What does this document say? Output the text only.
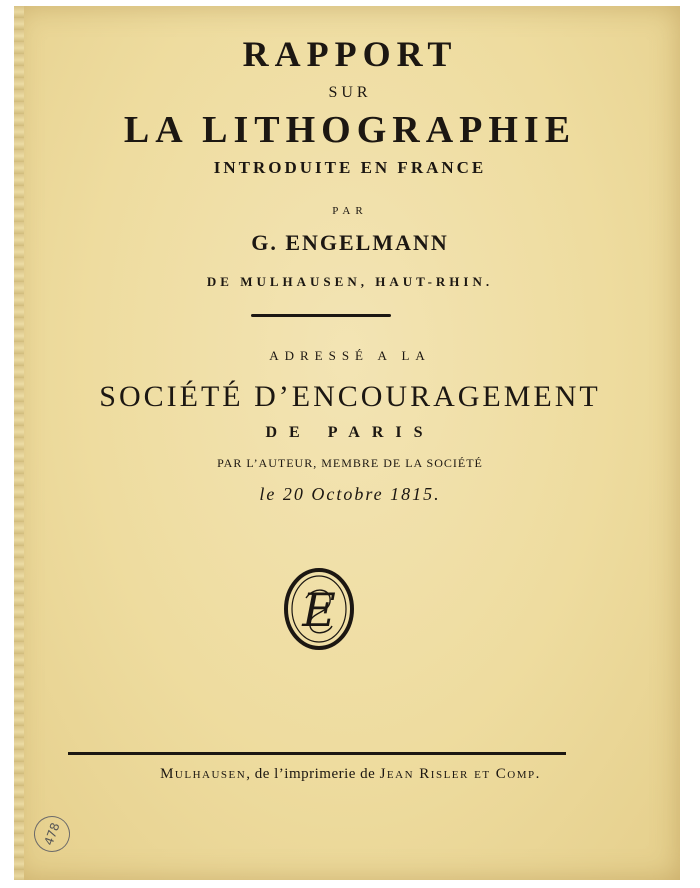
RAPPORT
SUR
LA LITHOGRAPHIE
INTRODUITE EN FRANCE
PAR
G. ENGELMANN
DE MULHAUSEN, HAUT-RHIN.
ADRESSÉ A LA
SOCIÉTÉ D’ENCOURAGEMENT
DE PARIS
PAR L’AUTEUR, MEMBRE DE LA SOCIÉTÉ
le 20 Octobre 1815.
E
Mulhausen, de l’imprimerie de Jean Risler et Comp.
478
